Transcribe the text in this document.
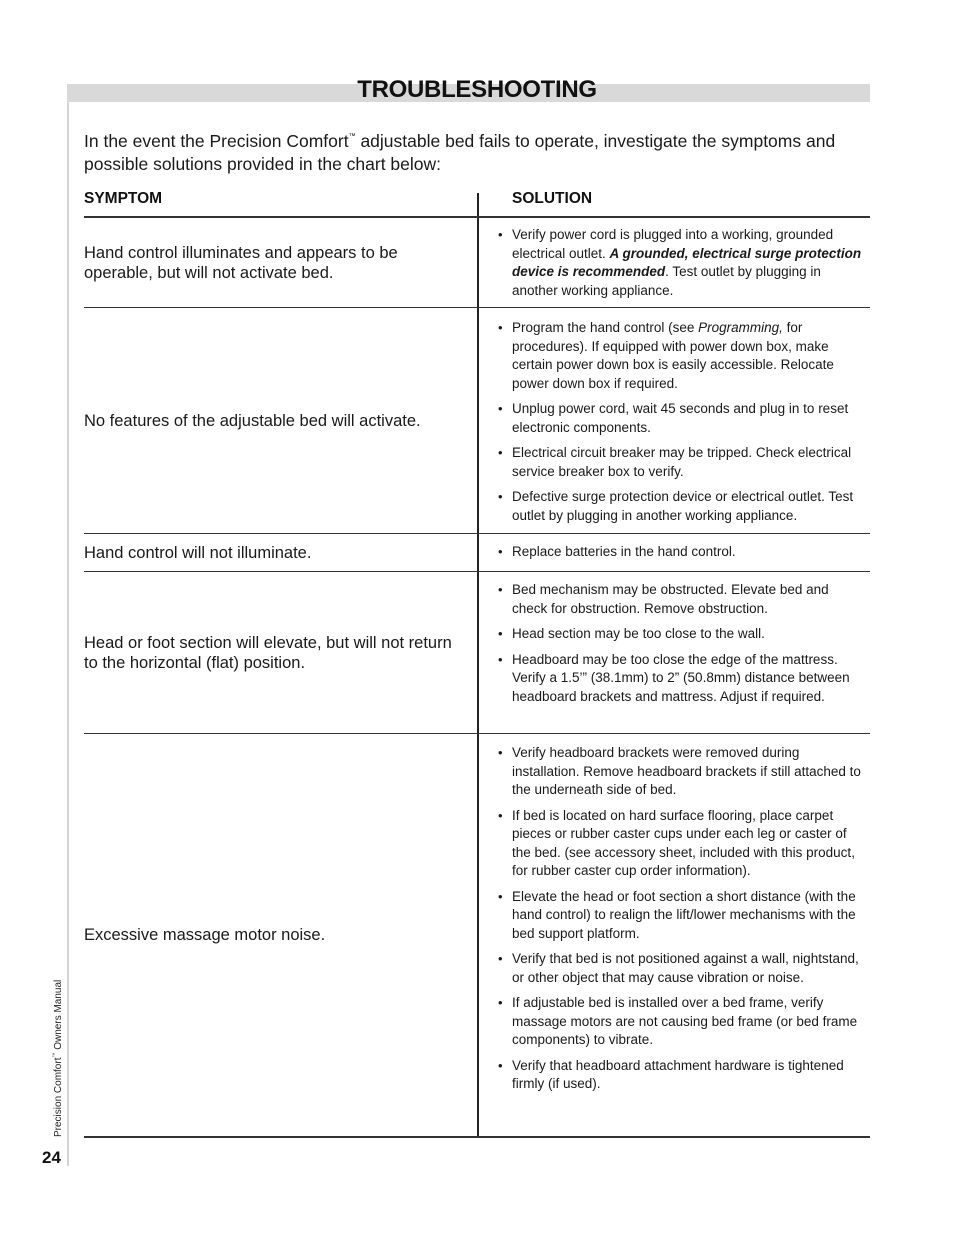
TROUBLESHOOTING
In the event the Precision Comfort™ adjustable bed fails to operate, investigate the symptoms and possible solutions provided in the chart below:
SYMPTOM	SOLUTION
Hand control illuminates and appears to be operable, but will not activate bed.
• Verify power cord is plugged into a working, grounded electrical outlet. A grounded, electrical surge protection device is recommended. Test outlet by plugging in another working appliance.
No features of the adjustable bed will activate.
• Program the hand control (see Programming, for procedures). If equipped with power down box, make certain power down box is easily accessible. Relocate power down box if required.
• Unplug power cord, wait 45 seconds and plug in to reset electronic components.
• Electrical circuit breaker may be tripped. Check electrical service breaker box to verify.
• Defective surge protection device or electrical outlet. Test outlet by plugging in another working appliance.
Hand control will not illuminate.
•	Replace batteries in the hand control.
Head or foot section will elevate, but will not return to the horizontal (flat) position.
• Bed mechanism may be obstructed. Elevate bed and check for obstruction. Remove obstruction.
• Head section may be too close to the wall.
• Headboard may be too close the edge of the mattress. Verify a 1.5’” (38.1mm) to 2” (50.8mm) distance between headboard brackets and mattress. Adjust if required.
Excessive massage motor noise.
• Verify headboard brackets were removed during installation. Remove headboard brackets if still attached to the underneath side of bed.
• If bed is located on hard surface flooring, place carpet pieces or rubber caster cups under each leg or caster of the bed. (see accessory sheet, included with this product, for rubber caster cup order information).
• Elevate the head or foot section a short distance (with the hand control) to realign the lift/lower mechanisms with the bed support platform.
• Verify that bed is not positioned against a wall, nightstand, or other object that may cause vibration or noise.
• If adjustable bed is installed over a bed frame, verify massage motors are not causing bed frame (or bed frame components) to vibrate.
• Verify that headboard attachment hardware is tightened firmly (if used).
Precision Comfort™ Owners Manual
24
